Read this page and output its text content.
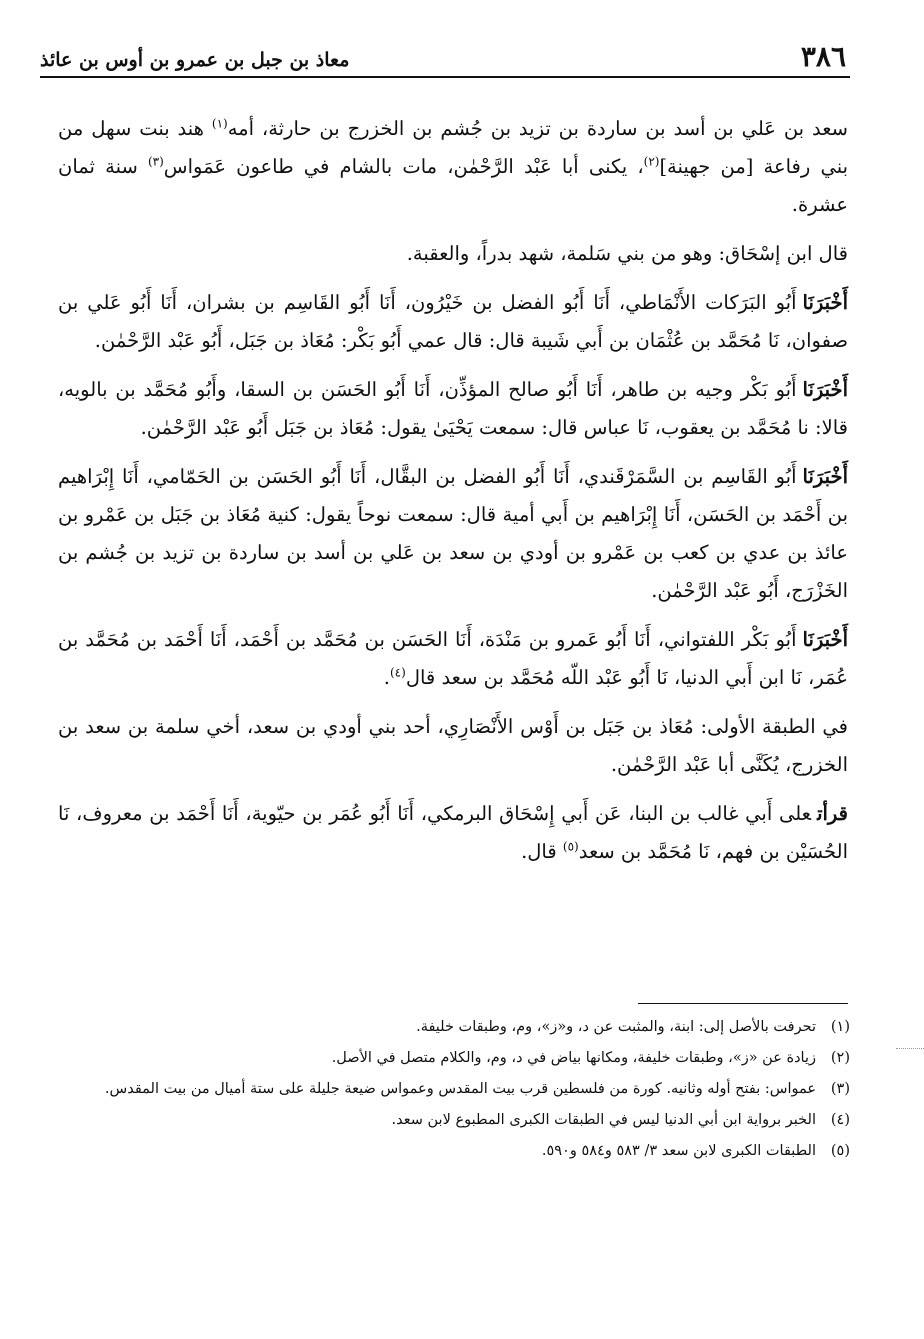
٣٨٦
معاذ بن جبل بن عمرو بن أوس بن عائذ

سعد بن عَلي بن أسد بن ساردة بن تزيد بن جُشم بن الخزرج بن حارثة، أمه$^{(١)}$ هند بنت سهل من بني رفاعة [من جهينة]$^{(٢)}$، يكنى أبا عَبْد الرَّحْمٰن، مات بالشام في طاعون عَمَواس$^{(٣)}$ سنة ثمان عشرة.

قال ابن إسْحَاق: وهو من بني سَلمة، شهد بدراً، والعقبة.

أَخْبَرَنَاأَبُو البَرَكات الأَنْمَاطي، أَنَا أَبُو الفضل بن خَيْرُون، أَنَا أَبُو القَاسِم بن بشران، أَنَا أَبُو عَلي بن صفوان، نَا مُحَمَّد بن عُثْمَان بن أَبي شَيبة قال: قال عمي أَبُو بَكْر: مُعَاذ بن جَبَل، أَبُو عَبْد الرَّحْمٰن.

أَخْبَرَنَاأَبُو بَكْر وجيه بن طاهر، أَنَا أَبُو صالح المؤذِّن، أَنَا أَبُو الحَسَن بن السقا، وأَبُو مُحَمَّد بن بالويه، قالا: نا مُحَمَّد بن يعقوب، نَا عباس قال: سمعت يَحْيَىٰ يقول: مُعَاذ بن جَبَل أَبُو عَبْد الرَّحْمٰن.

أَخْبَرَنَاأَبُو القَاسِم بن السَّمَرْقَندي، أَنَا أَبُو الفضل بن البقَّال، أَنَا أَبُو الحَسَن بن الحَمّامي، أَنَا إِبْرَاهيم بن أَحْمَد بن الحَسَن، أَنَا إِبْرَاهيم بن أَبي أمية قال: سمعت نوحاً يقول: كنية مُعَاذ بن جَبَل بن عَمْرو بن عائذ بن عدي بن كعب بن عَمْرو بن أودي بن سعد بن عَلي بن أسد بن ساردة بن تزيد بن جُشم بن الخَزْرَج، أَبُو عَبْد الرَّحْمٰن.

أَخْبَرَنَاأَبُو بَكْر اللفتواني، أَنَا أَبُو عَمرو بن مَنْدَة، أَنَا الحَسَن بن مُحَمَّد بن أَحْمَد، أَنَا أَحْمَد بن مُحَمَّد بن عُمَر، نَا ابن أَبي الدنيا، نَا أَبُو عَبْد اللّه مُحَمَّد بن سعد قال$^{(٤)}$.

في الطبقة الأولى: مُعَاذ بن جَبَل بن أَوْس الأَنْصَارِي، أحد بني أودي بن سعد، أخي سلمة بن سعد بن الخزرج، يُكَنَّى أبا عَبْد الرَّحْمٰن.

قرأتعلى أَبي غالب بن البنا، عَن أَبي إِسْحَاق البرمكي، أَنَا أَبُو عُمَر بن حيّوية، أَنَا أَحْمَد بن معروف، نَا الحُسَيْن بن فهم، نَا مُحَمَّد بن سعد$^{(٥)}$ قال.

(١)
تحرفت بالأصل إلى: ابنة، والمثبت عن د، و«ز»، وم، وطبقات خليفة.
(٢)
زيادة عن «ز»، وطبقات خليفة، ومكانها بياض في د، وم، والكلام متصل في الأصل.
(٣)
عمواس: بفتح أوله وثانيه. كورة من فلسطين قرب بيت المقدس وعمواس ضيعة جليلة على ستة أميال من بيت المقدس.
(٤)
الخبر برواية ابن أبي الدنيا ليس في الطبقات الكبرى المطبوع لابن سعد.
(٥)
الطبقات الكبرى لابن سعد ٣/ ٥٨٣ و٥٨٤ و٥٩٠.
